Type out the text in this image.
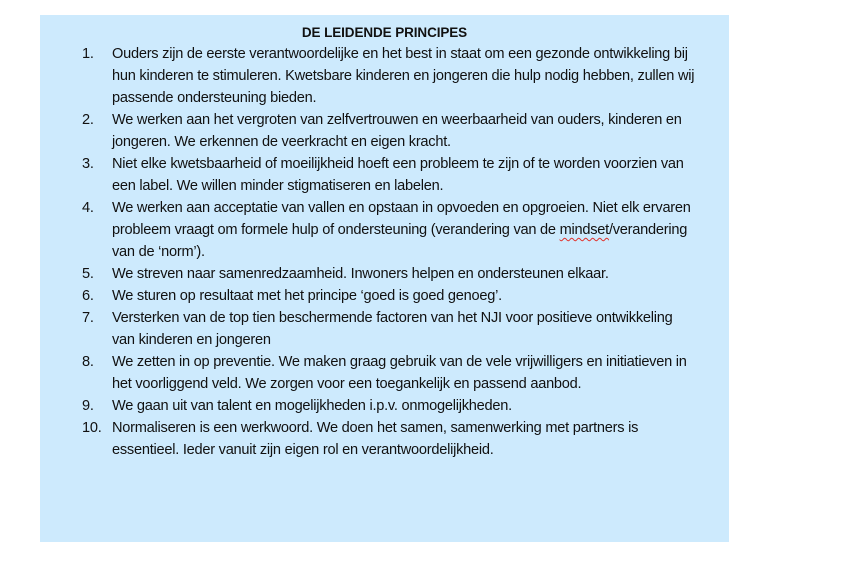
DE LEIDENDE PRINCIPES
1. Ouders zijn de eerste verantwoordelijke en het best in staat om een gezonde ontwikkeling bij hun kinderen te stimuleren. Kwetsbare kinderen en jongeren die hulp nodig hebben, zullen wij passende ondersteuning bieden.
2. We werken aan het vergroten van zelfvertrouwen en weerbaarheid van ouders, kinderen en jongeren. We erkennen de veerkracht en eigen kracht.
3. Niet elke kwetsbaarheid of moeilijkheid hoeft een probleem te zijn of te worden voorzien van een label. We willen minder stigmatiseren en labelen.
4. We werken aan acceptatie van vallen en opstaan in opvoeden en opgroeien. Niet elk ervaren probleem vraagt om formele hulp of ondersteuning (verandering van de mindset/verandering van de ‘norm’).
5. We streven naar samenredzaamheid. Inwoners helpen en ondersteunen elkaar.
6. We sturen op resultaat met het principe ‘goed is goed genoeg’.
7. Versterken van de top tien beschermende factoren van het NJI voor positieve ontwikkeling van kinderen en jongeren
8. We zetten in op preventie. We maken graag gebruik van de vele vrijwilligers en initiatieven in het voorliggend veld. We zorgen voor een toegankelijk en passend aanbod.
9. We gaan uit van talent en mogelijkheden i.p.v. onmogelijkheden.
10. Normaliseren is een werkwoord. We doen het samen, samenwerking met partners is essentieel. Ieder vanuit zijn eigen rol en verantwoordelijkheid.
